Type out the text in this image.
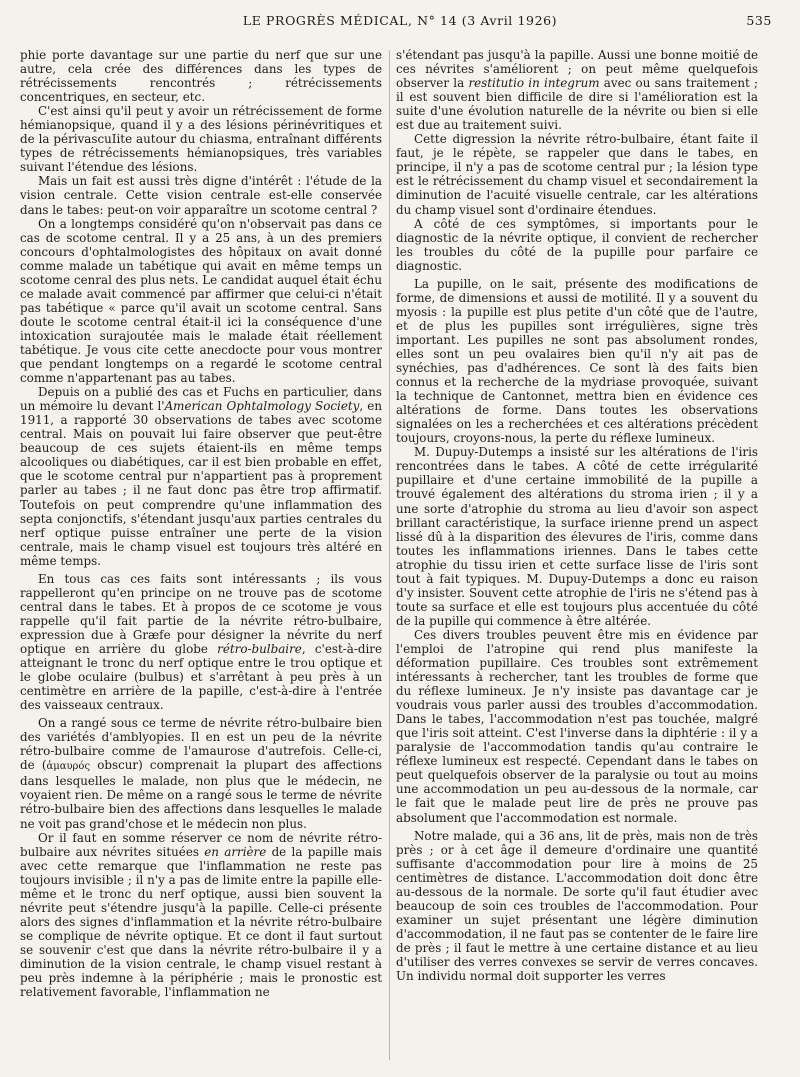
LE PROGRÈS MÉDICAL, N° 14 (3 Avril 1926)	535

phie porte davantage sur une partie du nerf que sur une autre, cela crée des différences dans les types de rétrécissements rencontrés ; rétrécissements concentriques, en secteur, etc.

C'est ainsi qu'il peut y avoir un rétrécissement de forme hémianopsique, quand il y a des lésions périnévritiques et de la périvascuIite autour du chiasma, entraînant différents types de rétrécissements hémianopsiques, très variables suivant l'étendue des lésions.

Mais un fait est aussi très digne d'intérêt : l'étude de la vision centrale. Cette vision centrale est-elle conservée dans le tabes: peut-on voir apparaître un scotome central ?

On a longtemps considéré qu'on n'observait pas dans ce cas de scotome central. Il y a 25 ans, à un des premiers concours d'ophtalmologistes des hôpitaux on avait donné comme malade un tabétique qui avait en même temps un scotome cenral des plus nets. Le candidat auquel était échu ce malade avait commencé par affirmer que celui-ci n'était pas tabétique « parce qu'il avait un scotome central. Sans doute le scotome central était-il ici la conséquence d'une intoxication surajoutée mais le malade était réellement tabétique. Je vous cite cette anecdocte pour vous montrer que pendant longtemps on a regardé le scotome central comme n'appartenant pas au tabes.

Depuis on a publié des cas et Fuchs en particulier, dans un mémoire lu devant l'American Ophtalmology Society, en 1911, a rapporté 30 observations de tabes avec scotome central. Mais on pouvait lui faire observer que peut-être beaucoup de ces sujets étaient-ils en même temps alcooliques ou diabétiques, car il est bien probable en effet, que le scotome central pur n'appartient pas à proprement parler au tabes ; il ne faut donc pas être trop affirmatif. Toutefois on peut comprendre qu'une inflammation des septa conjonctifs, s'étendant jusqu'aux parties centrales du nerf optique puisse entraîner une perte de la vision centrale, mais le champ visuel est toujours très altéré en même temps.

En tous cas ces faits sont intéressants ; ils vous rappelleront qu'en principe on ne trouve pas de scotome central dans le tabes. Et à propos de ce scotome je vous rappelle qu'il fait partie de la névrite rétro-bulbaire, expression due à Græfe pour désigner la névrite du nerf optique en arrière du globe rétro-bulbaire, c'est-à-dire atteignant le tronc du nerf optique entre le trou optique et le globe oculaire (bulbus) et s'arrêtant à peu près à un centimètre en arrière de la papille, c'est-à-dire à l'entrée des vaisseaux centraux.

On a rangé sous ce terme de névrite rétro-bulbaire bien des variétés d'amblyopies. Il en est un peu de la névrite rétro-bulbaire comme de l'amaurose d'autrefois. Celle-ci, de (ἀμαυρός obscur) comprenait la plupart des affections dans lesquelles le malade, non plus que le médecin, ne voyaient rien. De même on a rangé sous le terme de névrite rétro-bulbaire bien des affections dans lesquelles le malade ne voit pas grand'chose et le médecin non plus.

Or il faut en somme réserver ce nom de névrite rétro-bulbaire aux névrites situées en arrière de la papille mais avec cette remarque que l'inflammation ne reste pas toujours invisible ; il n'y a pas de limite entre la papille elle-même et le tronc du nerf optique, aussi bien souvent la névrite peut s'étendre jusqu'à la papille. Celle-ci présente alors des signes d'inflammation et la névrite rétro-bulbaire se complique de névrite optique. Et ce dont il faut surtout se souvenir c'est que dans la névrite rétro-bulbaire il y a diminution de la vision centrale, le champ visuel restant à peu près indemne à la périphérie ; mais le pronostic est relativement favorable, l'inflammation ne

s'étendant pas jusqu'à la papille. Aussi une bonne moitié de ces névrites s'améliorent ; on peut même quelquefois observer la restitutio in integrum avec ou sans traitement ; il est souvent bien difficile de dire si l'amélioration est la suite d'une évolution naturelle de la névrite ou bien si elle est due au traitement suivi.

Cette digression la névrite rétro-bulbaire, étant faite il faut, je le répète, se rappeler que dans le tabes, en principe, il n'y a pas de scotome central pur ; la lésion type est le rétrécissement du champ visuel et secondairement la diminution de l'acuité visuelle centrale, car les altérations du champ visuel sont d'ordinaire étendues.

A côté de ces symptômes, si importants pour le diagnostic de la névrite optique, il convient de rechercher les troubles du côté de la pupille pour parfaire ce diagnostic.

La pupille, on le sait, présente des modifications de forme, de dimensions et aussi de motilité. Il y a souvent du myosis : la pupille est plus petite d'un côté que de l'autre, et de plus les pupilles sont irrégulières, signe très important. Les pupilles ne sont pas absolument rondes, elles sont un peu ovalaires bien qu'il n'y ait pas de synéchies, pas d'adhérences. Ce sont là des faits bien connus et la recherche de la mydriase provoquée, suivant la technique de Cantonnet, mettra bien en évidence ces altérations de forme. Dans toutes les observations signalées on les a recherchées et ces altérations précèdent toujours, croyons-nous, la perte du réflexe lumineux.

M. Dupuy-Dutemps a insisté sur les altérations de l'iris rencontrées dans le tabes. A côté de cette irrégularité pupillaire et d'une certaine immobilité de la pupille a trouvé également des altérations du stroma irien ; il y a une sorte d'atrophie du stroma au lieu d'avoir son aspect brillant caractéristique, la surface irienne prend un aspect lissé dû à la disparition des élevures de l'iris, comme dans toutes les inflammations iriennes. Dans le tabes cette atrophie du tissu irien et cette surface lisse de l'iris sont tout à fait typiques. M. Dupuy-Dutemps a donc eu raison d'y insister. Souvent cette atrophie de l'iris ne s'étend pas à toute sa surface et elle est toujours plus accentuée du côté de la pupille qui commence à être altérée.

Ces divers troubles peuvent être mis en évidence par l'emploi de l'atropine qui rend plus manifeste la déformation pupillaire. Ces troubles sont extrêmement intéressants à rechercher, tant les troubles de forme que du réflexe lumineux. Je n'y insiste pas davantage car je voudrais vous parler aussi des troubles d'accommodation. Dans le tabes, l'accommodation n'est pas touchée, malgré que l'iris soit atteint. C'est l'inverse dans la diphtérie : il y a paralysie de l'accommodation tandis qu'au contraire le réflexe lumineux est respecté. Cependant dans le tabes on peut quelquefois observer de la paralysie ou tout au moins une accommodation un peu au-dessous de la normale, car le fait que le malade peut lire de près ne prouve pas absolument que l'accommodation est normale.

Notre malade, qui a 36 ans, lit de près, mais non de très près ; or à cet âge il demeure d'ordinaire une quantité suffisante d'accommodation pour lire à moins de 25 centimètres de distance. L'accommodation doit donc être au-dessous de la normale. De sorte qu'il faut étudier avec beaucoup de soin ces troubles de l'accommodation. Pour examiner un sujet présentant une légère diminution d'accommodation, il ne faut pas se contenter de le faire lire de près ; il faut le mettre à une certaine distance et au lieu d'utiliser des verres convexes se servir de verres concaves. Un individu normal doit supporter les verres
